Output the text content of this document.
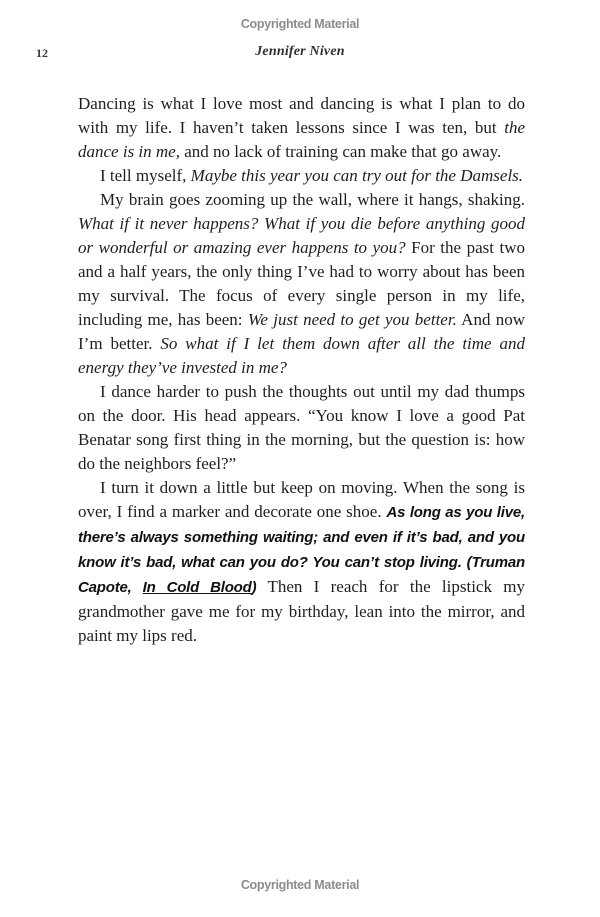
Copyrighted Material
12	Jennifer Niven

Dancing is what I love most and dancing is what I plan to do with my life. I haven’t taken lessons since I was ten, but the dance is in me, and no lack of training can make that go away.

I tell myself, Maybe this year you can try out for the Damsels.

My brain goes zooming up the wall, where it hangs, shaking. What if it never happens? What if you die before anything good or wonderful or amazing ever happens to you? For the past two and a half years, the only thing I’ve had to worry about has been my survival. The focus of every single person in my life, including me, has been: We just need to get you better. And now I’m better. So what if I let them down after all the time and energy they’ve invested in me?

I dance harder to push the thoughts out until my dad thumps on the door. His head appears. “You know I love a good Pat Benatar song first thing in the morning, but the question is: how do the neighbors feel?”

I turn it down a little but keep on moving. When the song is over, I find a marker and decorate one shoe. As long as you live, there’s always something waiting; and even if it’s bad, and you know it’s bad, what can you do? You can’t stop living. (Truman Capote, In Cold Blood) Then I reach for the lipstick my grandmother gave me for my birthday, lean into the mirror, and paint my lips red.

Copyrighted Material
